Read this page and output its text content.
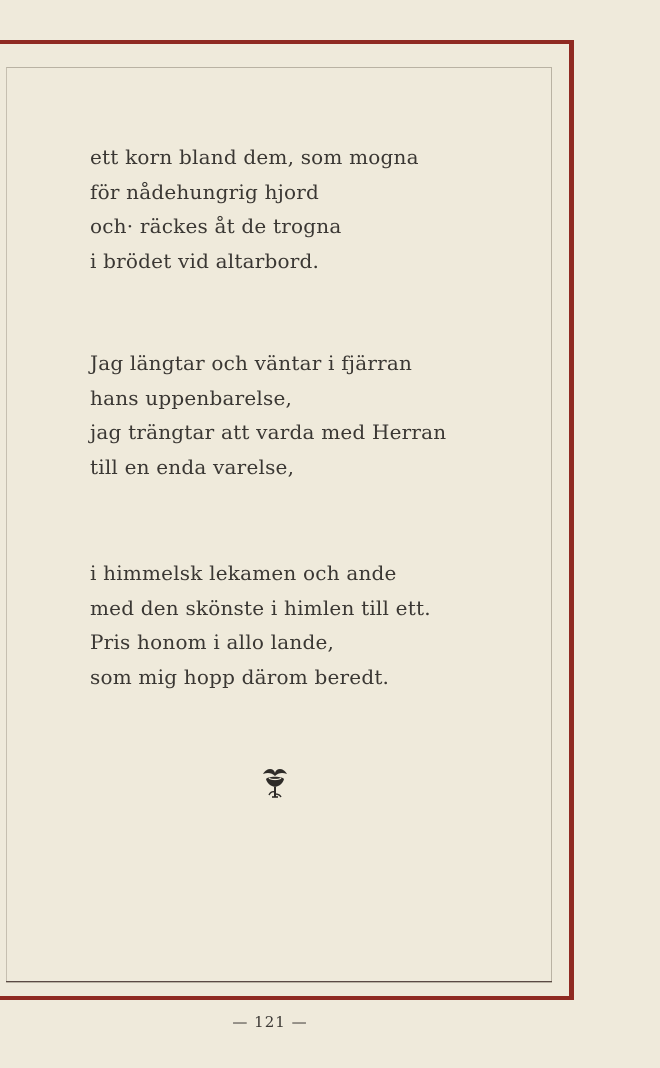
ett korn bland dem, som mogna
för nådehungrig hjord
och· räckes åt de trogna
i brödet vid altarbord.
Jag längtar och väntar i fjärran
hans uppenbarelse,
jag trängtar att varda med Herran
till en enda varelse,
i himmelsk lekamen och ande
med den skönste i himlen till ett.
Pris honom i allo lande,
som mig hopp därom beredt.
— 121 —
